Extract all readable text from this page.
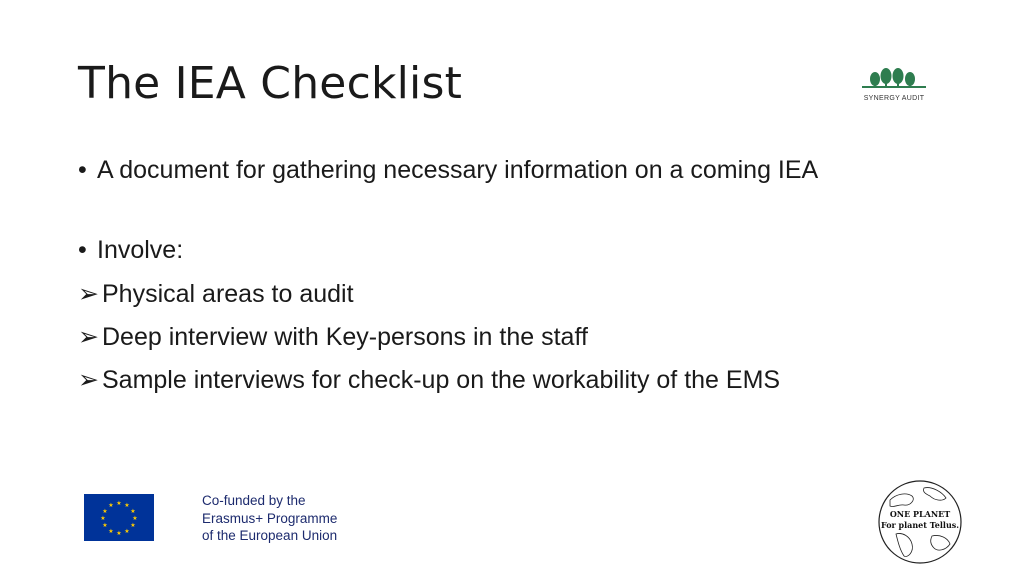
The IEA Checklist	SYNERGY AUDIT
• A document for gathering necessary information on a coming IEA
• Involve:
➢ Physical areas to audit
➢ Deep interview with Key-persons in the staff
➢ Sample interviews for check-up on the workability of the EMS
★ ★
★
★
★
★
★
★
★
★
★
★	Co-funded by the
Erasmus+ Programme
of the European Union
ONE PLANET
For planet Tellus.
